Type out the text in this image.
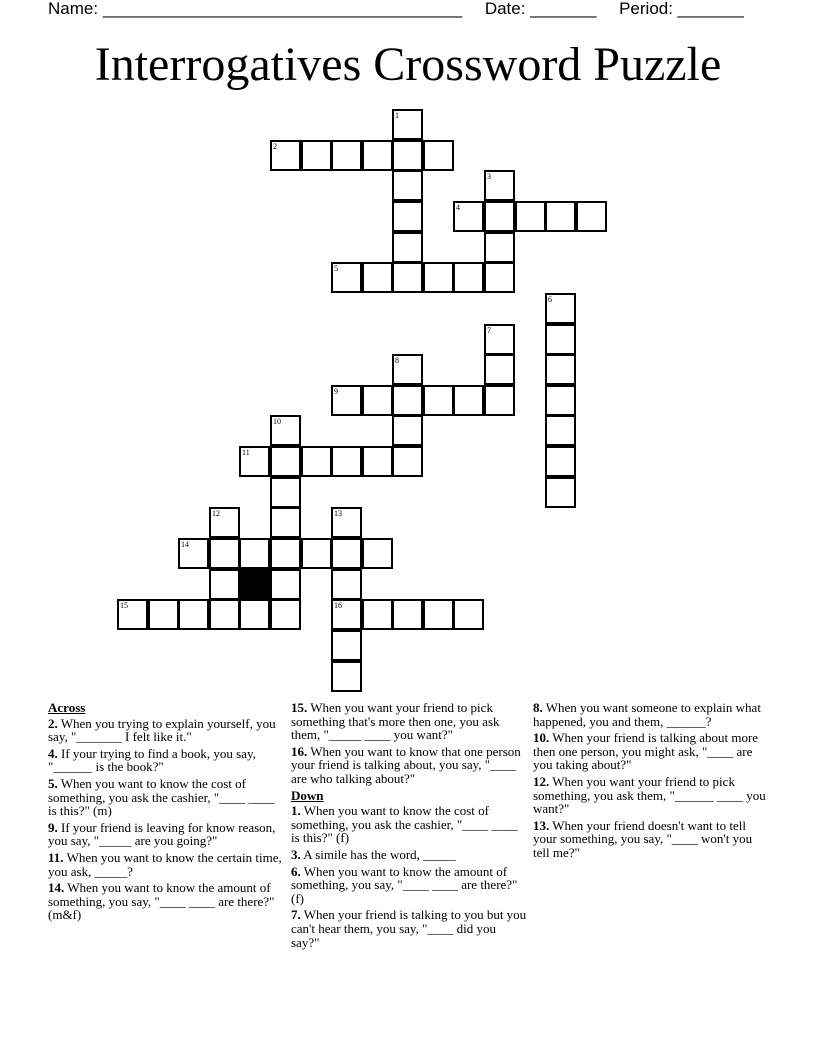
Name: ______________________________________ Date: _______ Period: _______
Interrogatives Crossword Puzzle
1
2
3
4
5
6
7
8
9
10
11
12	13
14
15	16

Across

2. When you trying to explain yourself, you say, "_______ I felt like it."

4. If your trying to find a book, you say, "______ is the book?"

5. When you want to know the cost of something, you ask the cashier, "____ ____ is this?" (m)

9. If your friend is leaving for know reason, you say, "_____ are you going?"

11. When you want to know the certain time, you ask, _____?

14. When you want to know the amount of something, you say, "____ ____ are there?" (m&f)

15. When you want your friend to pick something that's more then one, you ask them, "_____ ____ you want?"

16. When you want to know that one person your friend is talking about, you say, "____ are who talking about?"

Down

1. When you want to know the cost of something, you ask the cashier, "____ ____ is this?" (f)

3. A simile has the word, _____

6. When you want to know the amount of something, you say, "____ ____ are there?" (f)

7. When your friend is talking to you but you can't hear them, you say, "____ did you say?"

8. When you want someone to explain what happened, you and them, ______?

10. When your friend is talking about more then one person, you might ask, "____ are you taking about?"

12. When you want your friend to pick something, you ask them, "______ ____ you want?"

13. When your friend doesn't want to tell your something, you say, "____ won't you tell me?"
